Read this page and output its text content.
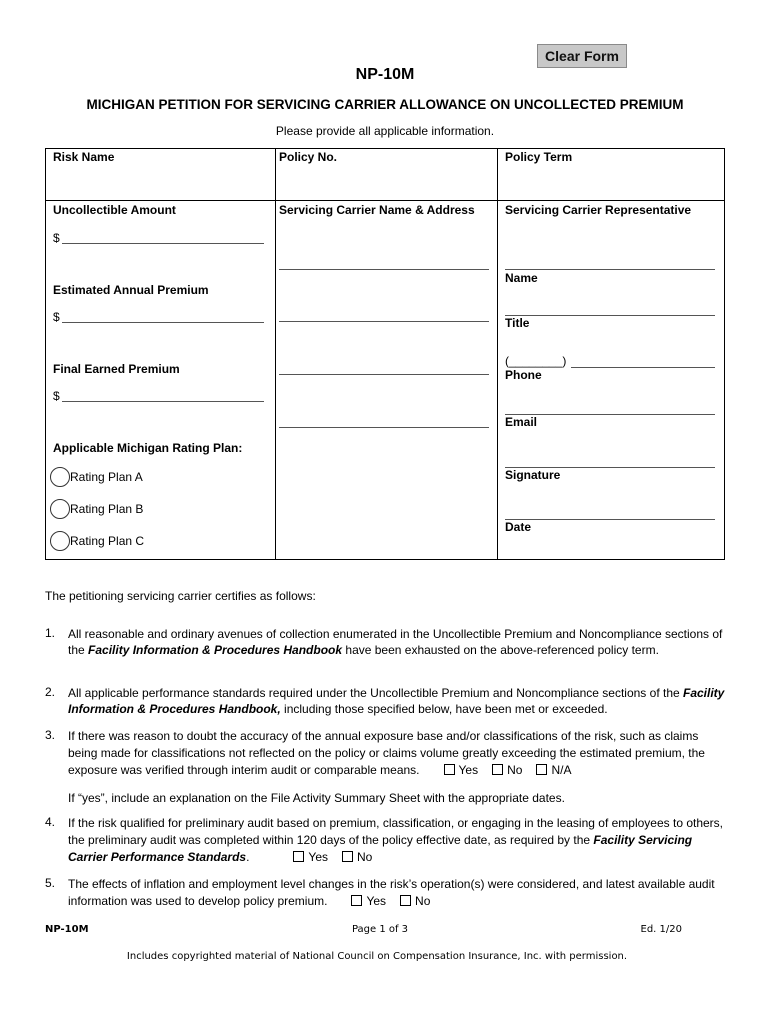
Clear Form
NP-10M
MICHIGAN PETITION FOR SERVICING CARRIER ALLOWANCE ON UNCOLLECTED PREMIUM
Please provide all applicable information.
Risk Name	Policy No.	Policy Term
Uncollectible Amount
$
Estimated Annual Premium
$
Final Earned Premium
$
Applicable Michigan Rating Plan:
Rating Plan A
Rating Plan B
Rating Plan C
Servicing Carrier Name & Address	Servicing Carrier Representative
Name
Title
(________)
Phone
Email
Signature
Date
The petitioning servicing carrier certifies as follows:
1. All reasonable and ordinary avenues of collection enumerated in the Uncollectible Premium and Noncompliance sections of the Facility Information & Procedures Handbook have been exhausted on the above-referenced policy term.
2. All applicable performance standards required under the Uncollectible Premium and Noncompliance sections of the Facility Information & Procedures Handbook, including those specified below, have been met or exceeded.
3. If there was reason to doubt the accuracy of the annual exposure base and/or classifications of the risk, such as claims being made for classifications not reflected on the policy or claims volume greatly exceeding the estimated premium, the exposure was verified through interim audit or comparable means.	Yes No N/A
If “yes”, include an explanation on the File Activity Summary Sheet with the appropriate dates.
4. If the risk qualified for preliminary audit based on premium, classification, or engaging in the leasing of employees to others, the preliminary audit was completed within 120 days of the policy effective date, as required by the Facility Servicing Carrier Performance Standards.	Yes No
5. The effects of inflation and employment level changes in the risk’s operation(s) were considered, and latest available audit information was used to develop policy premium.	Yes No
NP-10M	Page 1 of 3	Ed. 1/20
Includes copyrighted material of National Council on Compensation Insurance, Inc. with permission.
